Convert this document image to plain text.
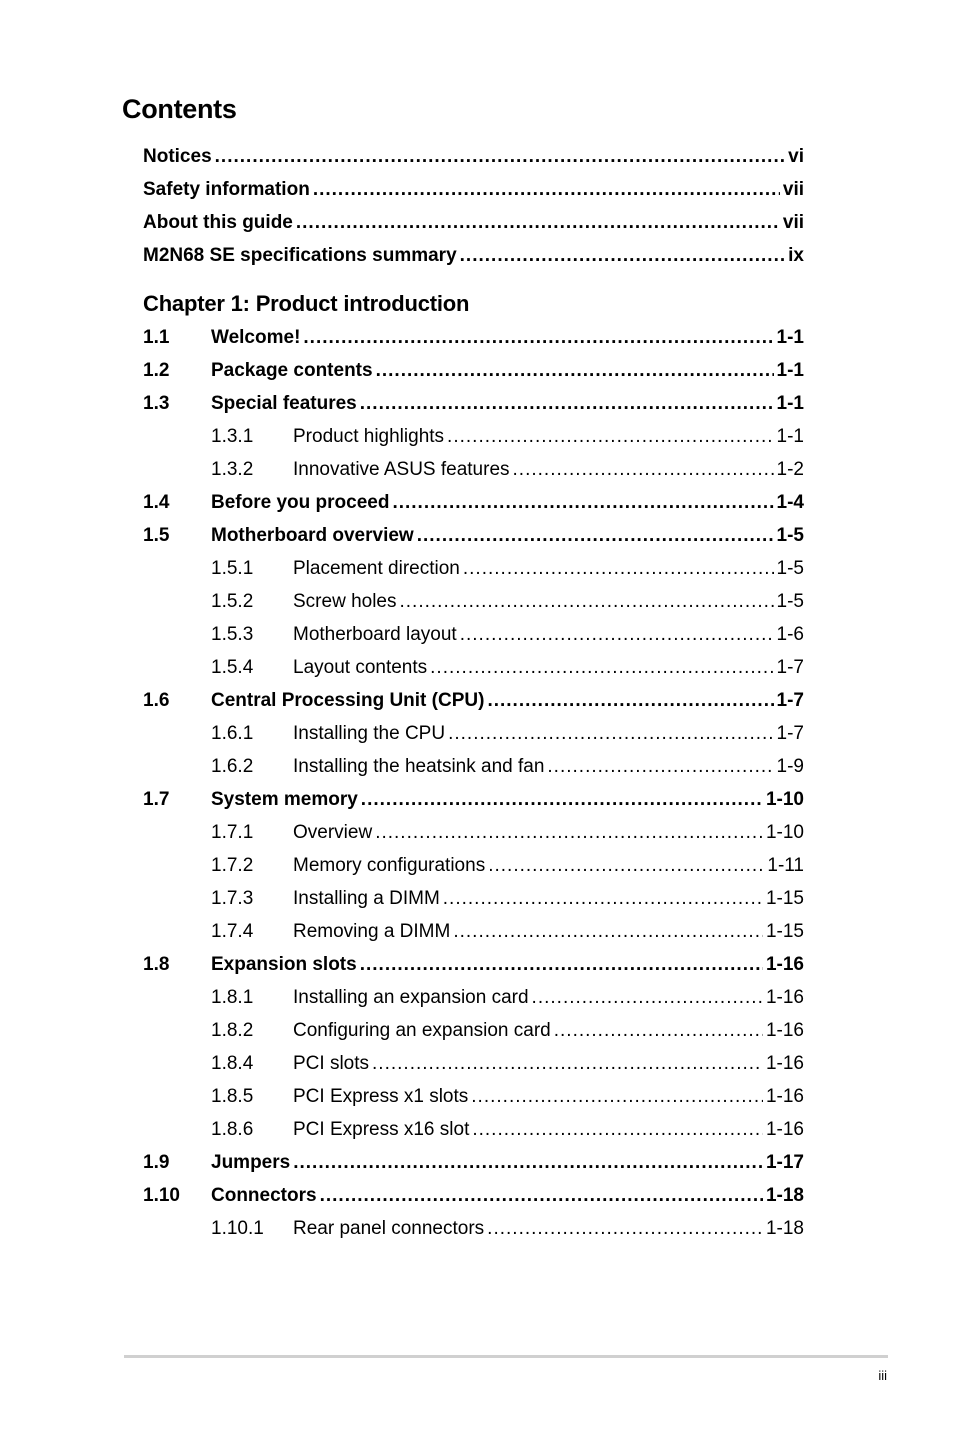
Contents
Notices .....	vi
Safety information .....	vii
About this guide .....	vii
M2N68 SE specifications summary .....	ix
Chapter 1: Product introduction
1.1	Welcome! .....	1-1
1.2	Package contents .....	1-1
1.3	Special features .....	1-1
1.3.1	Product highlights .....	1-1
1.3.2	Innovative ASUS features .....	1-2
1.4	Before you proceed .....	1-4
1.5	Motherboard overview .....	1-5
1.5.1	Placement direction .....	1-5
1.5.2	Screw holes .....	1-5
1.5.3	Motherboard layout .....	1-6
1.5.4	Layout contents .....	1-7
1.6	Central Processing Unit (CPU) .....	1-7
1.6.1	Installing the CPU .....	1-7
1.6.2	Installing the heatsink and fan .....	1-9
1.7	System memory .....	1-10
1.7.1	Overview .....	1-10
1.7.2	Memory configurations .....	1-11
1.7.3	Installing a DIMM .....	1-15
1.7.4	Removing a DIMM .....	1-15
1.8	Expansion slots .....	1-16
1.8.1	Installing an expansion card .....	1-16
1.8.2	Configuring an expansion card .....	1-16
1.8.4	PCI slots .....	1-16
1.8.5	PCI Express x1 slots .....	1-16
1.8.6	PCI Express x16 slot .....	1-16
1.9	Jumpers .....	1-17
1.10	Connectors .....	1-18
1.10.1	Rear panel connectors .....	1-18
iii
